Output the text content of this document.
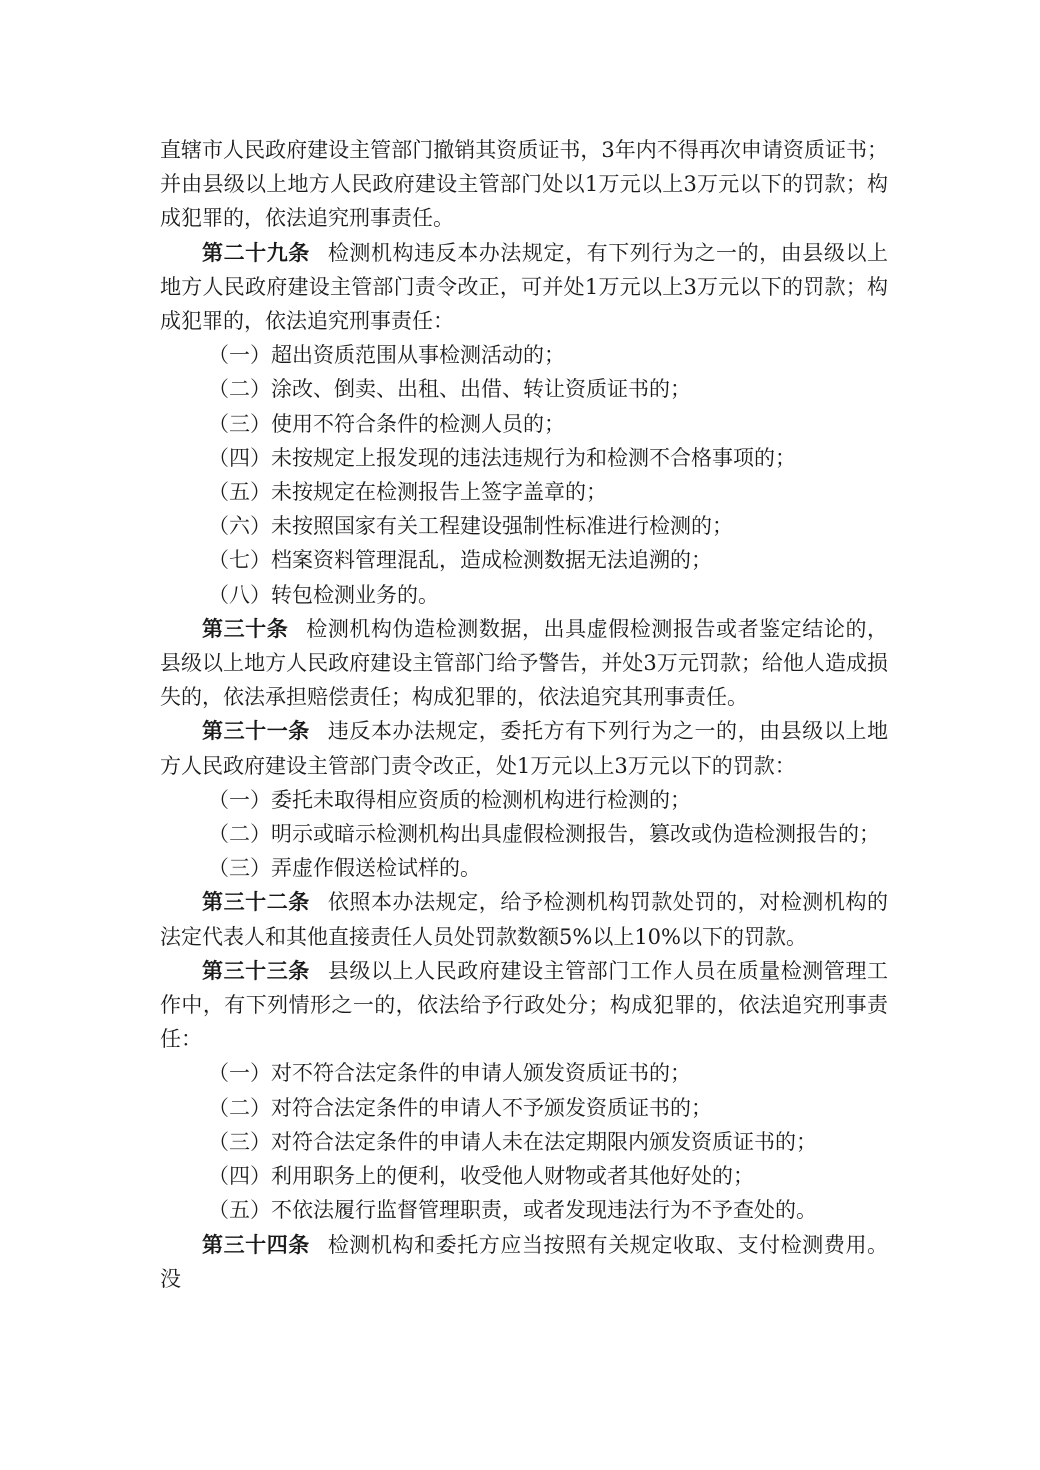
直辖市人民政府建设主管部门撤销其资质证书，3年内不得再次申请资质证书；并由县级以上地方人民政府建设主管部门处以1万元以上3万元以下的罚款；构成犯罪的，依法追究刑事责任。

第二十九条 检测机构违反本办法规定，有下列行为之一的，由县级以上地方人民政府建设主管部门责令改正，可并处1万元以上3万元以下的罚款；构成犯罪的，依法追究刑事责任：

（一）超出资质范围从事检测活动的；

（二）涂改、倒卖、出租、出借、转让资质证书的；

（三）使用不符合条件的检测人员的；

（四）未按规定上报发现的违法违规行为和检测不合格事项的；

（五）未按规定在检测报告上签字盖章的；

（六）未按照国家有关工程建设强制性标准进行检测的；

（七）档案资料管理混乱，造成检测数据无法追溯的；

（八）转包检测业务的。

第三十条 检测机构伪造检测数据，出具虚假检测报告或者鉴定结论的，县级以上地方人民政府建设主管部门给予警告，并处3万元罚款；给他人造成损失的，依法承担赔偿责任；构成犯罪的，依法追究其刑事责任。

第三十一条 违反本办法规定，委托方有下列行为之一的，由县级以上地方人民政府建设主管部门责令改正，处1万元以上3万元以下的罚款：

（一）委托未取得相应资质的检测机构进行检测的；

（二）明示或暗示检测机构出具虚假检测报告，篡改或伪造检测报告的；

（三）弄虚作假送检试样的。

第三十二条 依照本办法规定，给予检测机构罚款处罚的，对检测机构的法定代表人和其他直接责任人员处罚款数额5%以上10%以下的罚款。

第三十三条 县级以上人民政府建设主管部门工作人员在质量检测管理工作中，有下列情形之一的，依法给予行政处分；构成犯罪的，依法追究刑事责任：

（一）对不符合法定条件的申请人颁发资质证书的；

（二）对符合法定条件的申请人不予颁发资质证书的；

（三）对符合法定条件的申请人未在法定期限内颁发资质证书的；

（四）利用职务上的便利，收受他人财物或者其他好处的；

（五）不依法履行监督管理职责，或者发现违法行为不予查处的。

第三十四条 检测机构和委托方应当按照有关规定收取、支付检测费用。没
